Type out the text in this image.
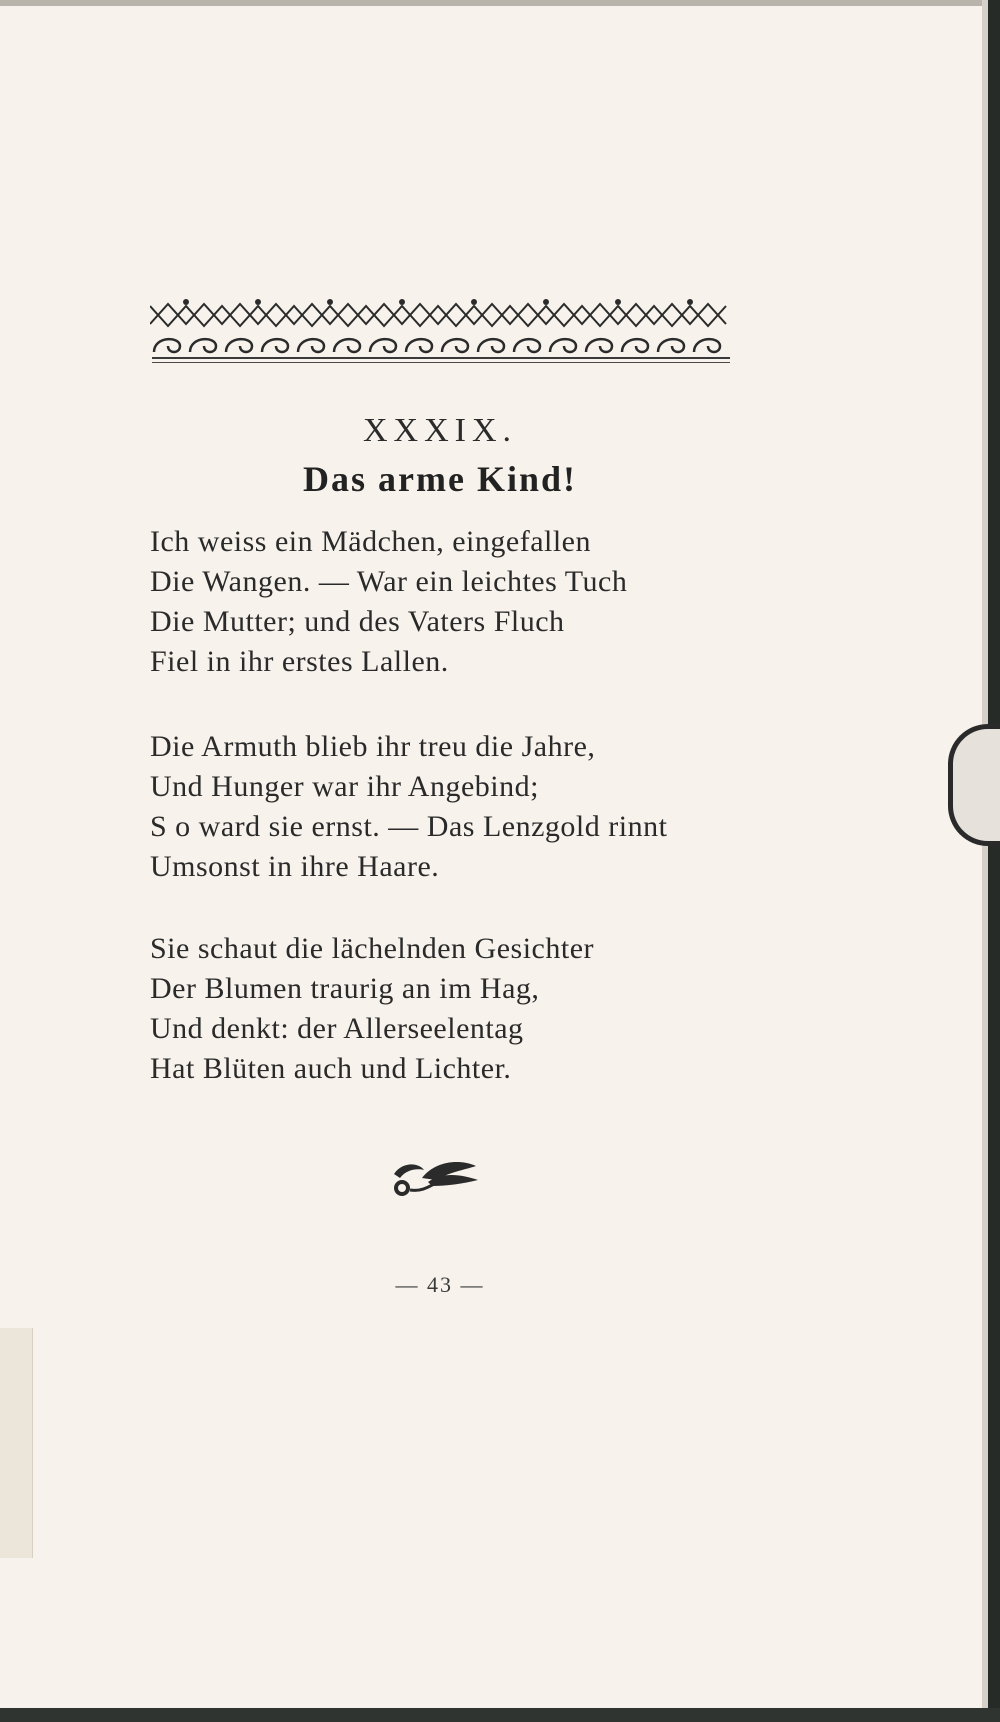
XXXIX.
Das arme Kind!
Ich weiss ein Mädchen, eingefallen
Die Wangen. — War ein leichtes Tuch
Die Mutter; und des Vaters Fluch
Fiel in ihr erstes Lallen.
Die Armuth blieb ihr treu die Jahre,
Und Hunger war ihr Angebind;
S o ward sie ernst. — Das Lenzgold rinnt
Umsonst in ihre Haare.
Sie schaut die lächelnden Gesichter
Der Blumen traurig an im Hag,
Und denkt: der Allerseelentag
Hat Blüten auch und Lichter.
— 43 —
